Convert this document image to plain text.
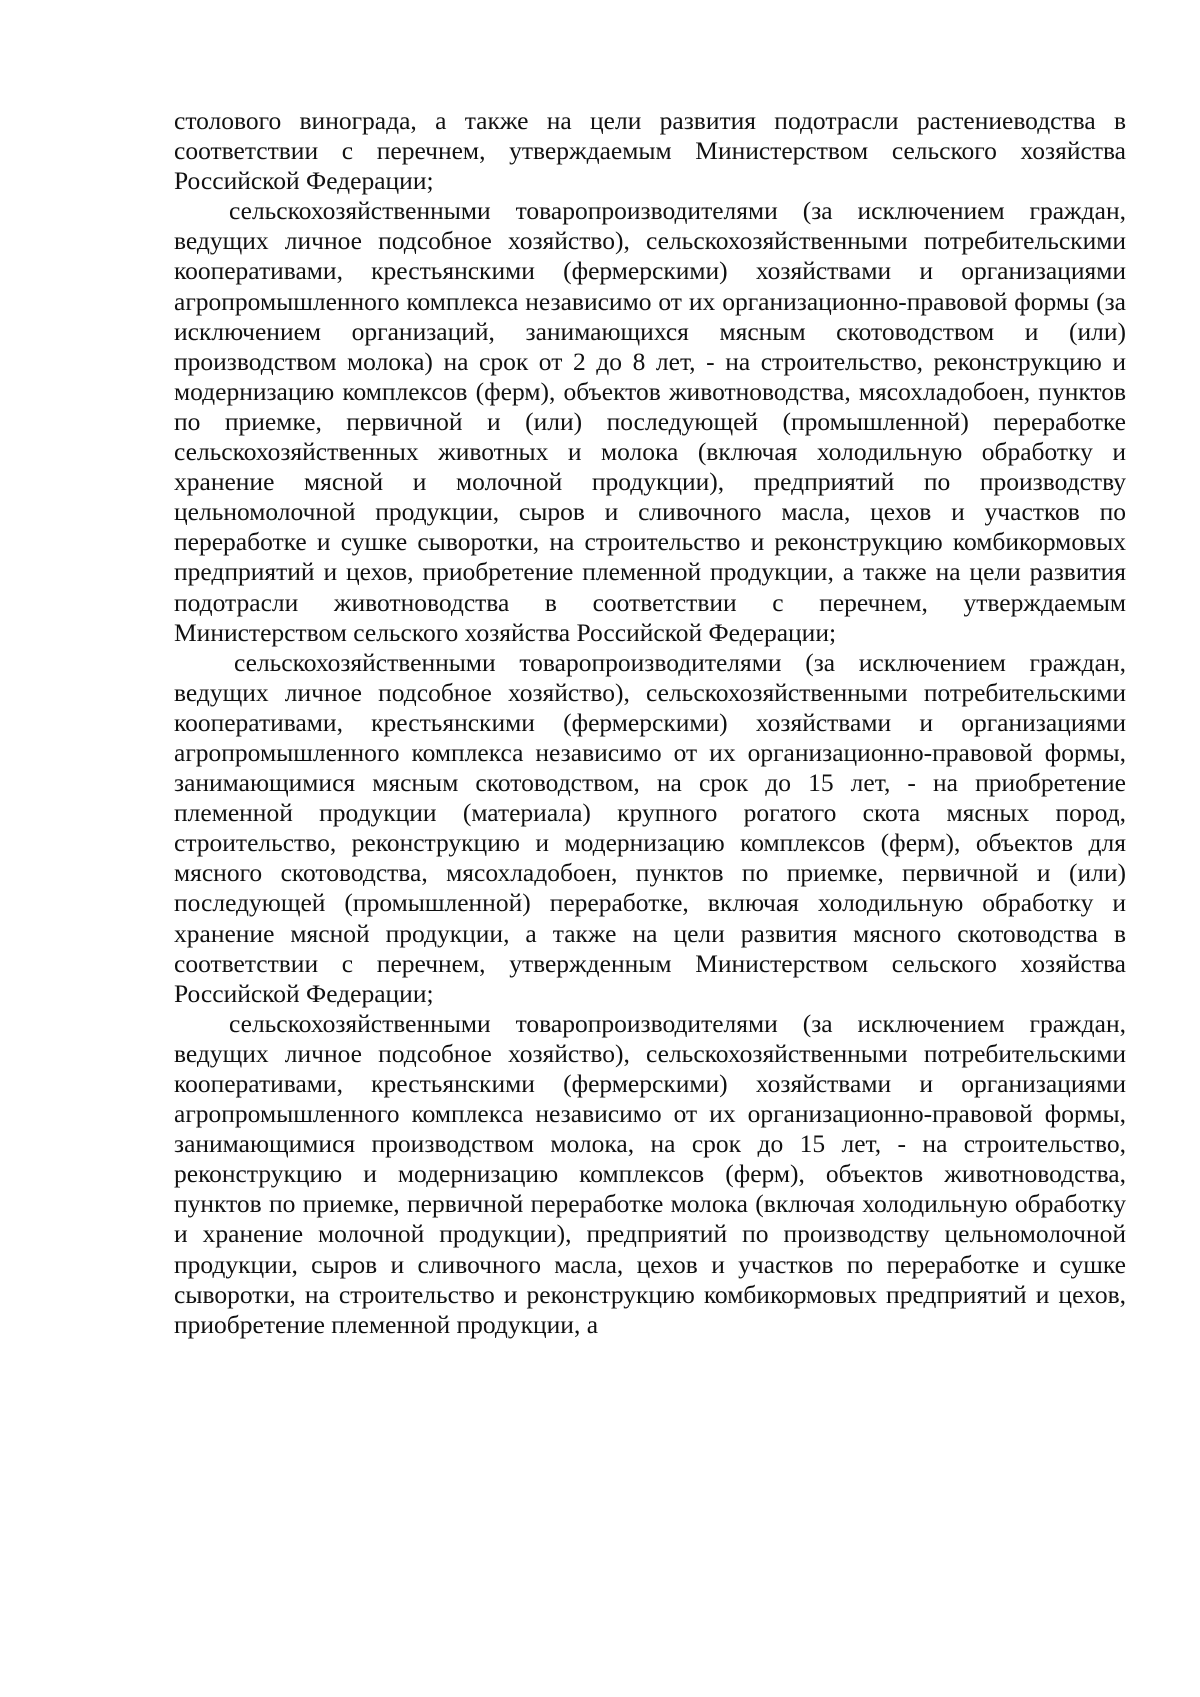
столового винограда, а также на цели развития подотрасли растениеводства в соответствии с перечнем, утверждаемым Министерством сельского хозяйства Российской Федерации;

сельскохозяйственными товаропроизводителями (за исключением граждан, ведущих личное подсобное хозяйство), сельскохозяйственными потребительскими кооперативами, крестьянскими (фермерскими) хозяйствами и организациями агропромышленного комплекса независимо от их организационно-правовой формы (за исключением организаций, занимающихся мясным скотоводством и (или) производством молока) на срок от 2 до 8 лет, - на строительство, реконструкцию и модернизацию комплексов (ферм), объектов животноводства, мясохладобоен, пунктов по приемке, первичной и (или) последующей (промышленной) переработке сельскохозяйственных животных и молока (включая холодильную обработку и хранение мясной и молочной продукции), предприятий по производству цельномолочной продукции, сыров и сливочного масла, цехов и участков по переработке и сушке сыворотки, на строительство и реконструкцию комбикормовых предприятий и цехов, приобретение племенной продукции, а также на цели развития подотрасли животноводства в соответствии с перечнем, утверждаемым Министерством сельского хозяйства Российской Федерации;

сельскохозяйственными товаропроизводителями (за исключением граждан, ведущих личное подсобное хозяйство), сельскохозяйственными потребительскими кооперативами, крестьянскими (фермерскими) хозяйствами и организациями агропромышленного комплекса независимо от их организационно-правовой формы, занимающимися мясным скотоводством, на срок до 15 лет, - на приобретение племенной продукции (материала) крупного рогатого скота мясных пород, строительство, реконструкцию и модернизацию комплексов (ферм), объектов для мясного скотоводства, мясохладобоен, пунктов по приемке, первичной и (или) последующей (промышленной) переработке, включая холодильную обработку и хранение мясной продукции, а также на цели развития мясного скотоводства в соответствии с перечнем, утвержденным Министерством сельского хозяйства Российской Федерации;

сельскохозяйственными товаропроизводителями (за исключением граждан, ведущих личное подсобное хозяйство), сельскохозяйственными потребительскими кооперативами, крестьянскими (фермерскими) хозяйствами и организациями агропромышленного комплекса независимо от их организационно-правовой формы, занимающимися производством молока, на срок до 15 лет, - на строительство, реконструкцию и модернизацию комплексов (ферм), объектов животноводства, пунктов по приемке, первичной переработке молока (включая холодильную обработку и хранение молочной продукции), предприятий по производству цельномолочной продукции, сыров и сливочного масла, цехов и участков по переработке и сушке сыворотки, на строительство и реконструкцию комбикормовых предприятий и цехов, приобретение племенной продукции, а
